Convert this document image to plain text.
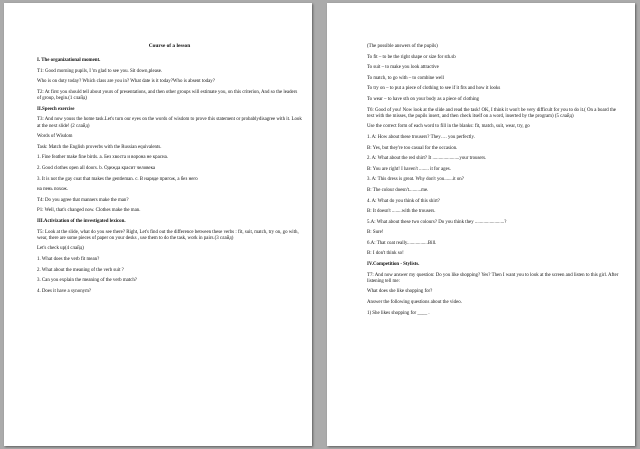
Course of a lesson
I. The organizational moment.
T1: Good morning pupils, I 'm glad to see you. Sit down,please.
Who is on duty today? Which class are you in? What date is it today?Who is absent today?
T2: At first you should tell about yours of presentations, and then other groups will estimate you, on this criterion, And so the leaders of group, begin.(1 слайд)
II.Speech exercise
T3: And now youss the home task.Let's turn our eyes on the words of wisdom to prove this statement or probablydisagree with it. Look at the next slide! (2 слайд)
Words of Wisdom
Task: Match the English proverbs with the Russian equivalents.
1. Fine feather make fine birds. a. Без хвоста и ворона не красна.
2. Good clothes open all doors. b. Одежда красит человека
3. It is not the gay coat that makes the gentleman. c. В наряде пригож, а без него
на пень похож.
T4: Do you agree that manners make the man?
P1: Well, that's changed now. Clothes make the man.
III.Activization of the investigated lexicon.
T5: Look at the slide, what do you see there? Right, Let's find out the difference between these verbs : fit, suit, match, try on, go with, wear, there are some pieces of paper on your desks , use them to do the task, work in pairs.(3 слайд)
Let's check up(4 слайд)
1. What does the verb fit mean?
2. What about the meaning of the verb suit ?
3. Can you explain the meaning of the verb match?
4. Does it have a synonym?
(The possible answers of the pupils)
To fit – to be the right shape or size for sth.sb
To suit – to make you look attractive
To match, to go with – to combine well
To try on – to put a piece of clothing to see if it fits and how it looks
To wear – to have sth on your body as a piece of clothing
T6: Good of you! Now look at the slide and read the task! OK, I think it won't be very difficult for you to do it.( On a board the text with the misses, the pupils insert, and then check itself on a word, inserted by the program) (5 слайд)
Use the correct form of each word to fill in the blanks: fit, match, suit, wear, try, go
1. A: How about these trousers? They…. you perfectly.
B: Yes, but they're too casual for the occasion.
2. A: What about the red shirt? It ......................your trousers.
B: You are right! I haven't ........ it for ages.
3. A: This dress is great. Why don't you.......it on?
B: The colour doesn't..........me.
4. A: What do you think of this shirt?
B: It doesn't ........with the trousers.
5.A: What about these two colours? Do you think they ........................?
B: Sure!
6.A: That coat really.................Bill.
B: I don't think so!
IV.Competition - Stylists.
T7: And now answer my question: Do you like shopping? Yes? Then I want you to look at the screen and listen to this girl. After listening tell me:
What does she like shopping for?
Answer the following questions about the video.
1) She likes shopping for ____ .
